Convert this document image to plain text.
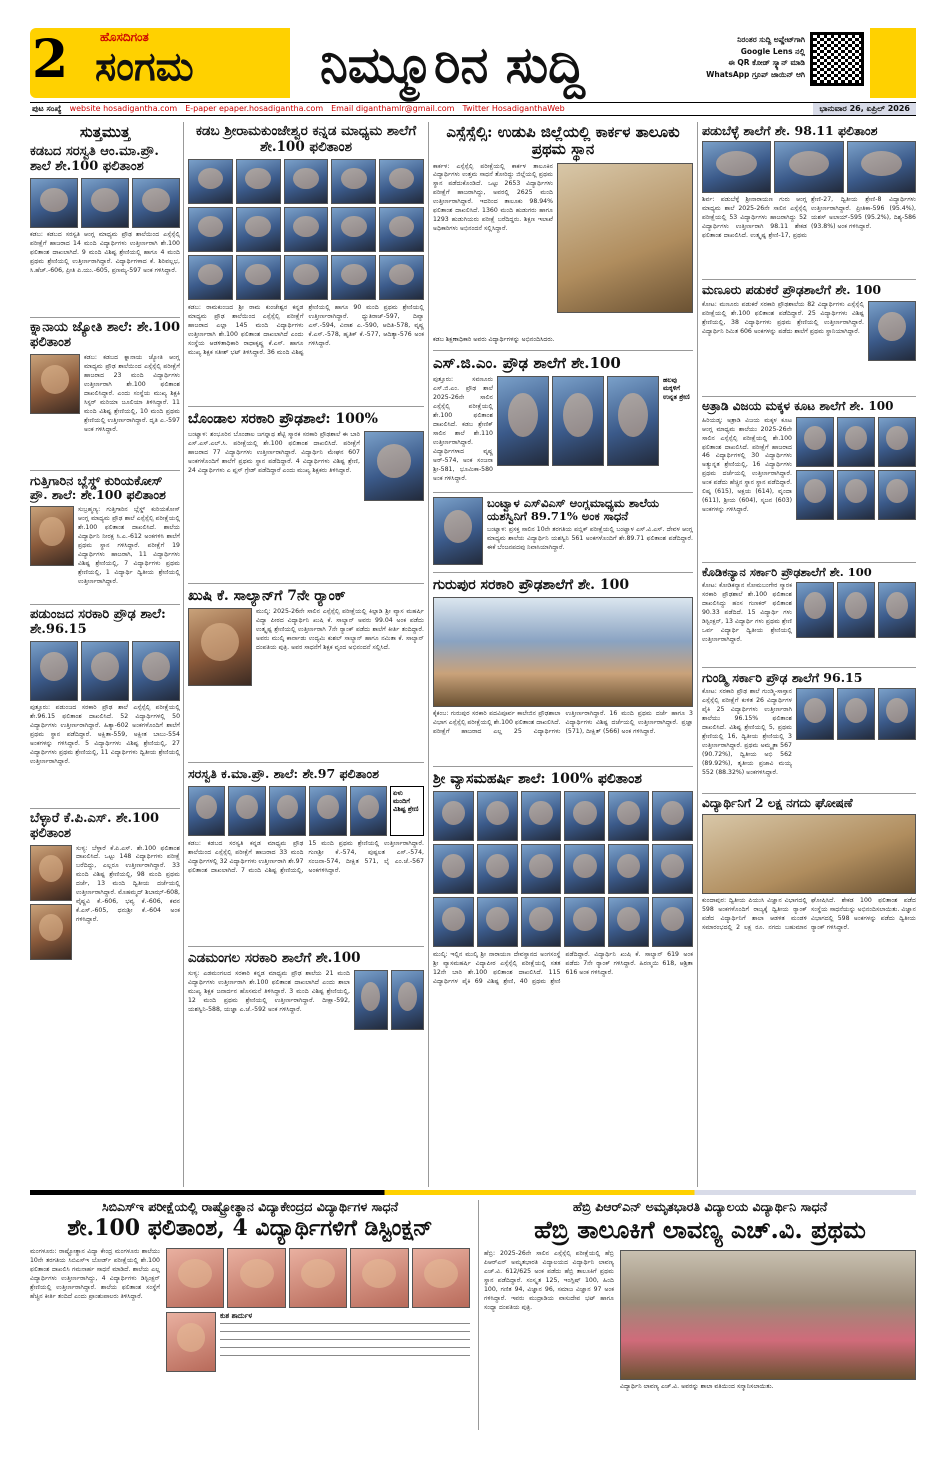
2	ಹೊಸದಿಗಂತ
ಸಂಗಮ	ನಿಮ್ಮೂರಿನ ಸುದ್ದಿ	ನಿರಂತರ ಸುದ್ದಿ ಅಪ್ಡೇಟ್‌ಗಾಗಿ
Google Lens ನಲ್ಲಿ
ಈ QR ಕೋಡ್ ಸ್ಕ್ಯಾನ್ ಮಾಡಿ
WhatsApp ಗ್ರೂಪ್ ಜಾಯಿನ್ ಆಗಿ
ಪುಟ ಸಂಖ್ಯೆ website hosadigantha.com E-paper epaper.hosadigantha.com Email diganthamlr@gmail.com Twitter HosadiganthaWeb	ಭಾನುವಾರ 26, ಏಪ್ರಿಲ್ 2026
ಸುತ್ತಮುತ್ತ
ಕಡಬದ ಸರಸ್ವತಿ ಆಂ.ಮಾ.ಪ್ರೌ. ಶಾಲೆ ಶೇ.100 ಫಲಿತಾಂಶ
ಕಡಬ: ಕಡಬದ ಸರಸ್ವತಿ ಆಂಗ್ಲ ಮಾಧ್ಯಮ ಪ್ರೌಢ ಶಾಲೆಯಿಂದ ಎಸ್ಸೆಸ್ಸೆಲ್ಸಿ ಪರೀಕ್ಷೆಗೆ ಹಾಜರಾದ 14 ಮಂದಿ ವಿದ್ಯಾರ್ಥಿಗಳು ಉತ್ತೀರ್ಣರಾಗಿ ಶೇ.100 ಫಲಿತಾಂಶ ದಾಖಲಾಗಿದೆ. 9 ಮಂದಿ ವಿಶಿಷ್ಟ ಶ್ರೇಣಿಯಲ್ಲಿ ಹಾಗೂ 4 ಮಂದಿ ಪ್ರಥಮ ಶ್ರೇಣಿಯಲ್ಲಿ ಉತ್ತೀರ್ಣರಾಗಿದ್ದಾರೆ. ವಿದ್ಯಾರ್ಥಿಗಳಾದ ಕೆ. ಶಿರಿವಲ್ಲಭ, ಸಿ.ಹೆಚ್.-606, ಪ್ರೀತಿ ಪಿ.ಯು.-605, ಪ್ರಣಮ್ಯ-597 ಅಂಕ ಗಳಿಸಿದ್ದಾರೆ.
ಕ್ನಾನಾಯ ಜ್ಯೋತಿ ಶಾಲೆ: ಶೇ.100 ಫಲಿತಾಂಶ
ಕಡಬ: ಕಡಬದ ಕ್ನಾನಾಯ ಜ್ಯೋತಿ ಆಂಗ್ಲ ಮಾಧ್ಯಮ ಪ್ರೌಢ ಶಾಲೆಯಿಂದ ಎಸ್ಸೆಸ್ಸೆಲ್ಸಿ ಪರೀಕ್ಷೆಗೆ ಹಾಜರಾದ 23 ಮಂದಿ ವಿದ್ಯಾರ್ಥಿಗಳು ಉತ್ತೀರ್ಣರಾಗಿ ಶೇ.100 ಫಲಿತಾಂಶ ದಾಖಲಿಸಿದ್ದಾರೆ. ಎಂದು ಸಂಸ್ಥೆಯ ಮುಖ್ಯ ಶಿಕ್ಷಕಿ ಸಿಸ್ಟರ್ ಮರಿಯಾ ಜೂಲಿಯಾ ತಿಳಿಸಿದ್ದಾರೆ. 11 ಮಂದಿ ವಿಶಿಷ್ಟ ಶ್ರೇಣಿಯಲ್ಲಿ, 10 ಮಂದಿ ಪ್ರಥಮ ಶ್ರೇಣಿಯಲ್ಲಿ ಉತ್ತೀರ್ಣರಾಗಿದ್ದಾರೆ. ದೃತಿ ಎ.-597 ಅಂಕ ಗಳಿಸಿದ್ದಾರೆ.
ಗುತ್ತಿಗಾರಿನ ಬ್ಲೆಸ್ಡ್ ಕುರಿಯಕೋಸ್ ಪ್ರೌ. ಶಾಲೆ: ಶೇ.100 ಫಲಿತಾಂಶ
ಸುಬ್ರಹ್ಮಣ್ಯ: ಗುತ್ತಿಗಾರಿನ ಬ್ಲೆಸ್ಡ್ ಕುರಿಯಕೋಸ್ ಆಂಗ್ಲ ಮಾಧ್ಯಮ ಪ್ರೌಢ ಶಾಲೆ ಎಸ್ಸೆಸ್ಸೆಲ್ಸಿ ಪರೀಕ್ಷೆಯಲ್ಲಿ ಶೇ.100 ಫಲಿತಾಂಶ ದಾಖಲಿಸಿದೆ. ಶಾಲೆಯ ವಿದ್ಯಾರ್ಥಿನಿ ನೀರಕ್ಷ ಸಿ.ಎ.-612 ಅಂಕಗಳಿಸಿ ಶಾಲೆಗೆ ಪ್ರಥಮ ಸ್ಥಾನ ಗಳಿಸಿದ್ದಾರೆ. ಪರೀಕ್ಷೆಗೆ 19 ವಿದ್ಯಾರ್ಥಿಗಳು ಹಾಜರಾಗಿ, 11 ವಿದ್ಯಾರ್ಥಿಗಳು ವಿಶಿಷ್ಟ ಶ್ರೇಣಿಯಲ್ಲಿ, 7 ವಿದ್ಯಾರ್ಥಿಗಳು ಪ್ರಥಮ ಶ್ರೇಣಿಯಲ್ಲಿ, 1 ವಿದ್ಯಾರ್ಥಿ ದ್ವಿತೀಯ ಶ್ರೇಣಿಯಲ್ಲಿ ಉತ್ತೀರ್ಣರಾಗಿದ್ದಾರೆ.
ಪಡುಂಜದ ಸರಕಾರಿ ಪ್ರೌಢ ಶಾಲೆ: ಶೇ.96.15
ಪುತ್ತೂರು: ಪಡುಂಜದ ಸರಕಾರಿ ಪ್ರೌಢ ಶಾಲೆ ಎಸ್ಸೆಸ್ಸೆಲ್ಸಿ ಪರೀಕ್ಷೆಯಲ್ಲಿ ಶೇ.96.15 ಫಲಿತಾಂಶ ದಾಖಲಿಸಿದೆ. 52 ವಿದ್ಯಾರ್ಥಿಗಳಲ್ಲಿ 50 ವಿದ್ಯಾರ್ಥಿಗಳು ಉತ್ತೀರ್ಣರಾಗಿದ್ದಾರೆ. ಹಿತ್ಯಾ-602 ಅಂಕಗಳೊಂದಿಗೆ ಶಾಲೆಗೆ ಪ್ರಥಮ ಸ್ಥಾನ ಪಡೆದಿದ್ದಾರೆ. ಅಕ್ಷಿತಾ-559, ಅಕ್ಷೀತ ಬಾಬು-554 ಅಂಕಗಳನ್ನು ಗಳಿಸಿದ್ದಾರೆ. 5 ವಿದ್ಯಾರ್ಥಿಗಳು ವಿಶಿಷ್ಟ ಶ್ರೇಣಿಯಲ್ಲಿ, 27 ವಿದ್ಯಾರ್ಥಿಗಳು ಪ್ರಥಮ ಶ್ರೇಣಿಯಲ್ಲಿ, 11 ವಿದ್ಯಾರ್ಥಿಗಳು ದ್ವಿತೀಯ ಶ್ರೇಣಿಯಲ್ಲಿ ಉತ್ತೀರ್ಣರಾಗಿದ್ದಾರೆ.
ಬೆಳ್ಳಾರೆ ಕೆ.ಪಿ.ಎಸ್. ಶೇ.100 ಫಲಿತಾಂಶ
ಸುಳ್ಯ: ಬೆಳ್ಳಾರೆ ಕೆ.ಪಿ.ಎಸ್. ಶೇ.100 ಫಲಿತಾಂಶ ದಾಖಲಿಸಿದೆ. ಒಟ್ಟು 148 ವಿದ್ಯಾರ್ಥಿಗಳು ಪರೀಕ್ಷೆ ಬರೆದಿದ್ದು, ಎಲ್ಲರೂ ಉತ್ತೀರ್ಣರಾಗಿದ್ದಾರೆ. 33 ಮಂದಿ ವಿಶಿಷ್ಟ ಶ್ರೇಣಿಯಲ್ಲಿ, 98 ಮಂದಿ ಪ್ರಥಮ ದರ್ಜೆ, 13 ಮಂದಿ ದ್ವಿತೀಯ ದರ್ಜೆಯಲ್ಲಿ ಉತ್ತೀರ್ಣರಾಗಿದ್ದಾರೆ. ಮೊಹಮ್ಮದ್ ಶಿಬಾಝ್-608, ವೈಷ್ಣವಿ ಕೆ.-606, ಭವ್ಯ ಕೆ.-606, ಕವನ ಕೆ.ಎಸ್.-605, ಧನುಶ್ರೀ ಕೆ.-604 ಅಂಕ ಗಳಿಸಿದ್ದಾರೆ.
ಕಡಬ ಶ್ರೀರಾಮಕುಂಜೇಶ್ವರ ಕನ್ನಡ ಮಾಧ್ಯಮ ಶಾಲೆಗೆ ಶೇ.100 ಫಲಿತಾಂಶ
ಕಡಬ: ರಾಮಕುಂಜದ ಶ್ರೀ ರಾಮ ಕುಂಜೇಶ್ವರ ಕನ್ನಡ ಮಾಧ್ಯಮ ಪ್ರೌಢ ಶಾಲೆಯಿಂದ ಎಸ್ಸೆಸ್ಸೆಲ್ಸಿ ಪರೀಕ್ಷೆಗೆ ಹಾಜರಾದ ಎಲ್ಲಾ 145 ಮಂದಿ ವಿದ್ಯಾರ್ಥಿಗಳು ಉತ್ತೀರ್ಣರಾಗಿ ಶೇ.100 ಫಲಿತಾಂಶ ದಾಖಲಾಗಿದೆ ಎಂದು ಸಂಸ್ಥೆಯ ಆಡಳಿತಾಧಿಕಾರಿ ರಾಧಾಕೃಷ್ಣ ಕೆ.ಎಸ್. ಹಾಗೂ ಮುಖ್ಯ ಶಿಕ್ಷಕ ಸತೀಶ್ ಭಟ್ ತಿಳಿಸಿದ್ದಾರೆ. 36 ಮಂದಿ ವಿಶಿಷ್ಟ ಶ್ರೇಣಿಯಲ್ಲಿ ಹಾಗೂ 90 ಮಂದಿ ಪ್ರಥಮ ಶ್ರೇಣಿಯಲ್ಲಿ ಉತ್ತೀರ್ಣರಾಗಿದ್ದಾರೆ. ಧ್ಯುತಿರಾಜ್-597, ದಿವ್ಯಾ ಎಸ್.-594, ವಿನಾಶ ಎ.-590, ಆದಿತಿ-578, ವೃಷ್ಣ ಕೆ.ಎಸ್.-578, ಹೃತಿಕ್ ಕೆ.-577, ಆದಿತ್ಯಾ-576 ಅಂಕ ಗಳಿಸಿದ್ದಾರೆ.
ಬೊಂಡಾಲ ಸರಕಾರಿ ಪ್ರೌಢಶಾಲೆ: 100%
ಬಂಟ್ವಾಳ: ಶಂಭೂರಿನ ಬೊಂಡಾಲ ಜಗನ್ನಾಥ ಶೆಟ್ಟಿ ಸ್ಮಾರಕ ಸರಕಾರಿ ಪ್ರೌಢಶಾಲೆ ಈ ಬಾರಿ ಎಸ್.ಎಸ್.ಎಲ್.ಸಿ. ಪರೀಕ್ಷೆಯಲ್ಲಿ ಶೇ.100 ಫಲಿತಾಂಶ ದಾಖಲಿಸಿದೆ. ಪರೀಕ್ಷೆಗೆ ಹಾಜರಾದ 77 ವಿದ್ಯಾರ್ಥಿಗಳು ಉತ್ತೀರ್ಣರಾಗಿದ್ದಾರೆ. ವಿದ್ಯಾರ್ಥಿನಿ ಮೇಘನ 607 ಅಂಕಗಳೊಂದಿಗೆ ಶಾಲೆಗೆ ಪ್ರಥಮ ಸ್ಥಾನ ಪಡೆದಿದ್ದಾರೆ. 4 ವಿದ್ಯಾರ್ಥಿಗಳು ವಿಶಿಷ್ಟ ಶ್ರೇಣಿ, 24 ವಿದ್ಯಾರ್ಥಿಗಳು ಎ ಪ್ಲಸ್ ಗ್ರೇಡ್ ಪಡೆದಿದ್ದಾರೆ ಎಂದು ಮುಖ್ಯ ಶಿಕ್ಷಕರು ತಿಳಿಸಿದ್ದಾರೆ.
ಖುಷಿ ಕೆ. ಸಾಲ್ಯಾನ್‌ಗೆ 7ನೇ ರ‍್ಯಾಂಕ್
ಮುಲ್ಕಿ: 2025-26ನೇ ಸಾಲಿನ ಎಸ್ಸೆಸ್ಸೆಲ್ಸಿ ಪರೀಕ್ಷೆಯಲ್ಲಿ ಕಿಲ್ಪಾಡಿ ಶ್ರೀ ವ್ಯಾಸ ಮಹರ್ಷಿ ವಿದ್ಯಾ ಪೀಠದ ವಿದ್ಯಾರ್ಥಿನಿ ಖುಷಿ ಕೆ. ಸಾಲ್ಯಾನ್ ಅವರು 99.04 ಅಂಕ ಪಡೆದು ಉತ್ಕೃಷ್ಟ ಶ್ರೇಣಿಯಲ್ಲಿ ಉತ್ತೀರ್ಣರಾಗಿ 7ನೇ ರ‍್ಯಾಂಕ್ ಪಡೆದು ಶಾಲೆಗೆ ಕೀರ್ತಿ ತಂದಿದ್ದಾರೆ. ಅವರು ಮುಲ್ಕಿ ಕಾರ್ನಾಡು ಉದ್ಯಮಿ ಕುಶಲ್ ಸಾಲ್ಯಾನ್ ಹಾಗೂ ನಮಿತಾ ಕೆ. ಸಾಲ್ಯಾನ್ ದಂಪತಿಯ ಪುತ್ರಿ. ಅವರ ಸಾಧನೆಗೆ ಶಿಕ್ಷಕ ವೃಂದ ಅಭಿನಂದನೆ ಸಲ್ಲಿಸಿದೆ.
ಸರಸ್ವತಿ ಕ.ಮಾ.ಪ್ರೌ. ಶಾಲೆ: ಶೇ.97 ಫಲಿತಾಂಶ
ಏಳು ಮಂದಿಗೆ ವಿಶಿಷ್ಟ ಶ್ರೇಣಿ
ಕಡಬ: ಕಡಬದ ಸರಸ್ವತಿ ಕನ್ನಡ ಮಾಧ್ಯಮ ಪ್ರೌಢ ಶಾಲೆಯಿಂದ ಎಸ್ಸೆಸ್ಸೆಲ್ಸಿ ಪರೀಕ್ಷೆಗೆ ಹಾಜರಾದ 33 ಮಂದಿ ವಿದ್ಯಾರ್ಥಿಗಳಲ್ಲಿ 32 ವಿದ್ಯಾರ್ಥಿಗಳು ಉತ್ತೀರ್ಣರಾಗಿ ಶೇ.97 ಫಲಿತಾಂಶ ದಾಖಲಾಗಿದೆ. 7 ಮಂದಿ ವಿಶಿಷ್ಟ ಶ್ರೇಣಿಯಲ್ಲಿ, 15 ಮಂದಿ ಪ್ರಥಮ ಶ್ರೇಣಿಯಲ್ಲಿ ಉತ್ತೀರ್ಣರಾಗಿದ್ದಾರೆ. ಗುಣಶ್ರೀ ಕೆ.-574, ಪುಷ್ಪಲತ ಎಸ್.-574, ಸಂಜನಾ-574, ದೀಕ್ಷಿತ 571, ಲೈ ಎಂ.ಜೆ.-567 ಅಂಕಗಳಿಸಿದ್ದಾರೆ.
ಎಡಮಂಗಲ ಸರಕಾರಿ ಶಾಲೆಗೆ ಶೇ.100
ಸುಳ್ಯ: ಎಡಮಂಗಲದ ಸರಕಾರಿ ಕನ್ನಡ ಮಾಧ್ಯಮ ಪ್ರೌಢ ಶಾಲೆಯ 21 ಮಂದಿ ವಿದ್ಯಾರ್ಥಿಗಳು ಉತ್ತೀರ್ಣರಾಗಿ ಶೇ.100 ಫಲಿತಾಂಶ ದಾಖಲಾಗಿದೆ ಎಂದು ಶಾಲಾ ಮುಖ್ಯ ಶಿಕ್ಷಕ ಜನಾರ್ದನ ಹೊಸಮನೆ ತಿಳಿಸಿದ್ದಾರೆ. 3 ಮಂದಿ ವಿಶಿಷ್ಟ ಶ್ರೇಣಿಯಲ್ಲಿ, 12 ಮಂದಿ ಪ್ರಥಮ ಶ್ರೇಣಿಯಲ್ಲಿ ಉತ್ತೀರ್ಣರಾಗಿದ್ದಾರೆ. ದೀಕ್ಷಾ-592, ಯಶಸ್ವಿನಿ-588, ಯಜ್ಞಾ ಎ.ಜೆ.-592 ಅಂಕ ಗಳಿಸಿದ್ದಾರೆ.
ಎಸ್ಸೆಸ್ಸೆಲ್ಸಿ: ಉಡುಪಿ ಜಿಲ್ಲೆಯಲ್ಲಿ ಕಾರ್ಕಳ ತಾಲೂಕು ಪ್ರಥಮ ಸ್ಥಾನ
ಕಾರ್ಕಳ: ಎಸ್ಸೆಸ್ಸೆಲ್ಸಿ ಪರೀಕ್ಷೆಯಲ್ಲಿ ಕಾರ್ಕಳ ತಾಲೂಕಿನ ವಿದ್ಯಾರ್ಥಿಗಳು ಉತ್ತಮ ಸಾಧನೆ ತೋರಿದ್ದು ಜಿಲ್ಲೆಯಲ್ಲಿ ಪ್ರಥಮ ಸ್ಥಾನ ಪಡೆದುಕೊಂಡಿದೆ. ಒಟ್ಟು 2653 ವಿದ್ಯಾರ್ಥಿಗಳು ಪರೀಕ್ಷೆಗೆ ಹಾಜರಾಗಿದ್ದು, ಅವರಲ್ಲಿ 2625 ಮಂದಿ ಉತ್ತೀರ್ಣರಾಗಿದ್ದಾರೆ. ಇದರಿಂದ ತಾಲೂಕು 98.94% ಫಲಿತಾಂಶ ದಾಖಲಿಸಿದೆ. 1360 ಮಂದಿ ಹುಡುಗರು ಹಾಗೂ 1293 ಹುಡುಗಿಯರು ಪರೀಕ್ಷೆ ಬರೆದಿದ್ದರು. ಶಿಕ್ಷಣ ಇಲಾಖೆ ಅಧಿಕಾರಿಗಳು ಅಭಿನಂದನೆ ಸಲ್ಲಿಸಿದ್ದಾರೆ.
ಕಡಬ ಶಿಕ್ಷಣಾಧಿಕಾರಿ ಅವರು ವಿದ್ಯಾರ್ಥಿಗಳನ್ನು ಅಭಿನಂದಿಸಿದರು.
ಎಸ್.ಜಿ.ಎಂ. ಪ್ರೌಢ ಶಾಲೆಗೆ ಶೇ.100
ಪುತ್ತೂರು: ಸವಣೂರು ಎಸ್.ಜಿ.ಎಂ. ಪ್ರೌಢ ಶಾಲೆ 2025-26ನೇ ಸಾಲಿನ ಎಸ್ಸೆಸ್ಸೆಲ್ಸಿ ಪರೀಕ್ಷೆಯಲ್ಲಿ ಶೇ.100 ಫಲಿತಾಂಶ ದಾಖಲಿಸಿದೆ. ಕಡಬ ಶ್ರೇಣಿಕ್ ಸಾಲಿನ ಶಾಲೆ ಶೇ.110 ಉತ್ತೀರ್ಣರಾಗಿದ್ದಾರೆ. ವಿದ್ಯಾರ್ಥಿಗಳಾದ ವೃಷ್ಣ ಅರ್-574, ಅಂಕ ಸಂಜನಾ ಶ್ರೀ-581, ಭೂಮಿಕಾ-580 ಅಂಕ ಗಳಿಸಿದ್ದಾರೆ.
ಹಲವು ಮಕ್ಕಳಿಗೆ ಉನ್ನತ ಶ್ರೇಣಿ
ಬಂಟ್ವಾಳ ಎಸ್‌ವಿಎಸ್ ಆಂಗ್ಲಮಾಧ್ಯಮ ಶಾಲೆಯ ಯಶಸ್ವಿನಿಗೆ 89.71% ಅಂಕ ಸಾಧನೆ
ಬಂಟ್ವಾಳ: ಪ್ರಸಕ್ತ ಸಾಲಿನ 10ನೇ ತರಗತಿಯ ಪಬ್ಲಿಕ್ ಪರೀಕ್ಷೆಯಲ್ಲಿ ಬಂಟ್ವಾಳ ಎಸ್.ವಿ.ಎಸ್. ದೇವಳ ಆಂಗ್ಲ ಮಾಧ್ಯಮ ಶಾಲೆಯ ವಿದ್ಯಾರ್ಥಿನಿ ಯಶಸ್ವಿನಿ 561 ಅಂಕಗಳೊಂದಿಗೆ ಶೇ.89.71 ಫಲಿತಾಂಶ ಪಡೆದಿದ್ದಾರೆ. ಈಕೆ ಬೆಂಜನಪದವು ನಿವಾಸಿಯಾಗಿದ್ದಾರೆ.
ಗುರುಪುರ ಸರಕಾರಿ ಪ್ರೌಢಶಾಲೆಗೆ ಶೇ. 100
ಕೈಕಂಬ: ಗುರುಪುರ ಸರಕಾರಿ ಪದವಿಪೂರ್ವ ಕಾಲೇಜಿನ ಪ್ರೌಢಶಾಲಾ ವಿಭಾಗ ಎಸ್ಸೆಸ್ಸೆಲ್ಸಿ ಪರೀಕ್ಷೆಯಲ್ಲಿ ಶೇ.100 ಫಲಿತಾಂಶ ದಾಖಲಿಸಿದೆ. ಪರೀಕ್ಷೆಗೆ ಹಾಜರಾದ ಎಲ್ಲ 25 ವಿದ್ಯಾರ್ಥಿಗಳು ಉತ್ತೀರ್ಣರಾಗಿದ್ದಾರೆ. 16 ಮಂದಿ ಪ್ರಥಮ ದರ್ಜೆ ಹಾಗೂ 3 ವಿದ್ಯಾರ್ಥಿಗಳು ವಿಶಿಷ್ಟ ದರ್ಜೆಯಲ್ಲಿ ಉತ್ತೀರ್ಣರಾಗಿದ್ದಾರೆ. ಪ್ರಜ್ಞಾ (571), ದೀಕ್ಷಿತ್ (566) ಅಂಕ ಗಳಿಸಿದ್ದಾರೆ.
ಶ್ರೀ ವ್ಯಾಸಮಹರ್ಷಿ ಶಾಲೆ: 100% ಫಲಿತಾಂಶ
ಮುಲ್ಕಿ: ಇಲ್ಲಿನ ಮುಲ್ಕಿ ಶ್ರೀ ನಾರಾಯಣ ದೇವಸ್ಥಾನದ ಅಂಗಸಂಸ್ಥೆ ಶ್ರೀ ವ್ಯಾಸಮಹರ್ಷಿ ವಿದ್ಯಾಪೀಠ ಎಸ್ಸೆಸ್ಸೆಲ್ಸಿ ಪರೀಕ್ಷೆಯಲ್ಲಿ ಸತತ 12ನೇ ಬಾರಿ ಶೇ.100 ಫಲಿತಾಂಶ ದಾಖಲಿಸಿದೆ. 115 ವಿದ್ಯಾರ್ಥಿಗಳ ಪೈಕಿ 69 ವಿಶಿಷ್ಟ ಶ್ರೇಣಿ, 40 ಪ್ರಥಮ ಶ್ರೇಣಿ ಪಡೆದಿದ್ದಾರೆ. ವಿದ್ಯಾರ್ಥಿನಿ ಖುಷಿ ಕೆ. ಸಾಲ್ಯಾನ್ 619 ಅಂಕ ಪಡೆದು 7ನೇ ರ‍್ಯಾಂಕ್ ಗಳಿಸಿದ್ದಾರೆ. ಹಿರಣ್ಮಯಿ 618, ಆಶ್ರಿತಾ 616 ಅಂಕ ಗಳಿಸಿದ್ದಾರೆ.
ಪಡುಬೆಳ್ಳೆ ಶಾಲೆಗೆ ಶೇ. 98.11 ಫಲಿತಾಂಶ
ಶಿರ್ವ: ಪಡುಬೆಳ್ಳೆ ಶ್ರೀನಾರಾಯಣ ಗುರು ಆಂಗ್ಲ ಮಾಧ್ಯಮ ಶಾಲೆ 2025-26ನೇ ಸಾಲಿನ ಎಸ್ಸೆಸ್ಸೆಲ್ಸಿ ಪರೀಕ್ಷೆಯಲ್ಲಿ 53 ವಿದ್ಯಾರ್ಥಿಗಳು ಹಾಜರಾಗಿದ್ದು 52 ವಿದ್ಯಾರ್ಥಿಗಳು ಉತ್ತೀರ್ಣರಾಗಿ 98.11 ಶೇಕಡ ಫಲಿತಾಂಶ ದಾಖಲಿಸಿದೆ. ಉತ್ಕೃಷ್ಟ ಶ್ರೇಣಿ-17, ಪ್ರಥಮ ಶ್ರೇಣಿ-27, ದ್ವಿತೀಯ ಶ್ರೇಣಿ-8 ವಿದ್ಯಾರ್ಥಿಗಳು ಉತ್ತೀರ್ಣರಾಗಿದ್ದಾರೆ. ಪ್ರೀತಿಕಾ-596 (95.4%), ಯಶಸ್ ಅಲಾಯ್-595 (95.2%), ದಿಶ್ಯ-586 (93.8%) ಅಂಕ ಗಳಿಸಿದ್ದಾರೆ.
ಮಣೂರು ಪಡುಕರೆ ಪ್ರೌಢಶಾಲೆಗೆ ಶೇ. 100
ಕೋಟ: ಮಣೂರು ಪಡುಕರೆ ಸರಕಾರಿ ಪ್ರೌಢಶಾಲೆಯ 82 ವಿದ್ಯಾರ್ಥಿಗಳು ಎಸ್ಸೆಸ್ಸೆಲ್ಸಿ ಪರೀಕ್ಷೆಯಲ್ಲಿ ಶೇ.100 ಫಲಿತಾಂಶ ಪಡೆದಿದ್ದಾರೆ. 25 ವಿದ್ಯಾರ್ಥಿಗಳು ವಿಶಿಷ್ಟ ಶ್ರೇಣಿಯಲ್ಲಿ, 38 ವಿದ್ಯಾರ್ಥಿಗಳು ಪ್ರಥಮ ಶ್ರೇಣಿಯಲ್ಲಿ ಉತ್ತೀರ್ಣರಾಗಿದ್ದಾರೆ. ವಿದ್ಯಾರ್ಥಿನಿ ರಿಮಿತ 606 ಅಂಕಗಳನ್ನು ಪಡೆದು ಶಾಲೆಗೆ ಪ್ರಥಮ ಸ್ಥಾನಿಯಾಗಿದ್ದಾರೆ.
ಅತ್ರಾಡಿ ವಿಜಯ ಮಕ್ಕಳ ಕೂಟ ಶಾಲೆಗೆ ಶೇ. 100
ಹಿರಿಯಡ್ಕ: ಅತ್ರಾಡಿ ವಿಜಯ ಮಕ್ಕಳ ಕೂಟ ಆಂಗ್ಲ ಮಾಧ್ಯಮ ಶಾಲೆಯು 2025-26ನೇ ಸಾಲಿನ ಎಸ್ಸೆಸ್ಸೆಲ್ಸಿ ಪರೀಕ್ಷೆಯಲ್ಲಿ ಶೇ.100 ಫಲಿತಾಂಶ ದಾಖಲಿಸಿದೆ. ಪರೀಕ್ಷೆಗೆ ಹಾಜರಾದ 46 ವಿದ್ಯಾರ್ಥಿಗಳಲ್ಲಿ 30 ವಿದ್ಯಾರ್ಥಿಗಳು ಅತ್ಯುನ್ನತ ಶ್ರೇಣಿಯಲ್ಲಿ, 16 ವಿದ್ಯಾರ್ಥಿಗಳು ಪ್ರಥಮ ದರ್ಜೆಯಲ್ಲಿ ಉತ್ತೀರ್ಣರಾಗಿದ್ದಾರೆ. ಅಂಕ ಪಡೆದು ಹೆಚ್ಚಿನ ಸ್ಥಾನ ಸ್ಥಾನ ಪಡೆದಿದ್ದಾರೆ. ಲಿಷ್ಕ (615), ಅಕ್ಷಯ (614), ವೃಂದಾ (611), ಶ್ರೀಯ (604), ಸೃಜನ (603) ಅಂಕಗಳನ್ನು ಗಳಿಸಿದ್ದಾರೆ.
ಕೊಡಿಕನ್ಯಾನ ಸರ್ಕಾರಿ ಪ್ರೌಢಶಾಲೆಗೆ ಶೇ. 100
ಕೋಟ: ಕೋಡಿಕನ್ಯಾನ ಸೋಮಬಂಗೇರ ಸ್ಮಾರಕ ಸರಕಾರಿ ಪ್ರೌಢಶಾಲೆ ಶೇ.100 ಫಲಿತಾಂಶ ದಾಖಲಿಸಿದ್ದು ಹಂಸ ಗುಣಕರ್ ಫಲಿತಾಂಶ 90.33 ಪಡೆದಿದೆ. 15 ವಿದ್ಯಾರ್ಥಿ ಗಳು ಡಿಸ್ಟಿಂಕ್ಷನ್, 13 ವಿದ್ಯಾರ್ಥಿ ಗಳು ಪ್ರಥಮ ಶ್ರೇಣಿ ಒರ್ವ ವಿದ್ಯಾರ್ಥಿ ದ್ವಿತೀಯ ಶ್ರೇಣಿಯಲ್ಲಿ ಉತ್ತೀರ್ಣರಾಗಿದ್ದಾರೆ.
ಗುಂಡ್ಮಿ ಸರ್ಕಾರಿ ಪ್ರೌಢ ಶಾಲೆಗೆ 96.15
ಕೋಟ: ಸರಕಾರಿ ಪ್ರೌಢ ಶಾಲೆ ಗುಂಡ್ಮಿ-ಸಾಸ್ತಾನ ಎಸ್ಸೆಸ್ಸೆಲ್ಸಿ ಪರೀಕ್ಷೆಗೆ ಕುಳಿತ 26 ವಿದ್ಯಾರ್ಥಿಗಳ ಪೈಕಿ 25 ವಿದ್ಯಾರ್ಥಿಗಳು ಉತ್ತೀರ್ಣರಾಗಿ ಶಾಲೆಯು 96.15% ಫಲಿತಾಂಶ ದಾಖಲಿಸಿದೆ. ವಿಶಿಷ್ಟ ಶ್ರೇಣಿಯಲ್ಲಿ 5, ಪ್ರಥಮ ಶ್ರೇಣಿಯಲ್ಲಿ 16, ದ್ವಿತೀಯ ಶ್ರೇಣಿಯಲ್ಲಿ 3 ಉತ್ತೀರ್ಣರಾಗಿದ್ದಾರೆ. ಪ್ರಥಮ ಅಮ್ಮೃತಾ 567 (90.72%), ದ್ವಿತೀಯ ಅಭಿ 562 (89.92%), ತೃತೀಯ ಪ್ರಜಾವಿ ಮಯ್ಯ 552 (88.32%) ಅಂಕಗಳಿಸಿದ್ದಾರೆ.
ವಿದ್ಯಾರ್ಥಿನಿಗೆ 2 ಲಕ್ಷ ನಗದು ಘೋಷಣೆ
ಕುಂದಾಪುರ: ದ್ವಿತೀಯ ಪಿಯುಸಿ ವಿಜ್ಞಾನ ವಿಭಾಗದಲ್ಲಿ 598 ಅಂಕಗಳೊಂದಿಗೆ ರಾಜ್ಯಕ್ಕೆ ದ್ವಿತೀಯ ರ‍್ಯಾಂಕ್ ಪಡೆದ ವಿದ್ಯಾರ್ಥಿನಿಗೆ ಶಾಲಾ ಆಡಳಿತ ಮಂಡಳಿ ಸಮಾರಂಭದಲ್ಲಿ 2 ಲಕ್ಷ ರೂ. ನಗದು ಬಹುಮಾನ ಘೋಷಿಸಿದೆ. ಶೇಕಡ 100 ಫಲಿತಾಂಶ ಪಡೆದ ಸಂಸ್ಥೆಯ ಸಾಧನೆಯನ್ನು ಅಭಿನಂದಿಸಲಾಯಿತು. ವಿಜ್ಞಾನ ವಿಭಾಗದಲ್ಲಿ 598 ಅಂಕಗಳನ್ನು ಪಡೆದು ದ್ವಿತೀಯ ರ‍್ಯಾಂಕ್ ಗಳಿಸಿದ್ದಾರೆ.
ಸಿಬಿಎಸ್‌ಇ ಪರೀಕ್ಷೆಯಲ್ಲಿ ರಾಷ್ಟ್ರೋತ್ಥಾನ ವಿದ್ಯಾಕೇಂದ್ರದ ವಿದ್ಯಾರ್ಥಿಗಳ ಸಾಧನೆ
ಶೇ.100 ಫಲಿತಾಂಶ, 4 ವಿದ್ಯಾರ್ಥಿಗಳಿಗೆ ಡಿಸ್ಟಿಂಕ್ಷನ್
ಮಂಗಳೂರು: ರಾಷ್ಟ್ರೋತ್ಥಾನ ವಿದ್ಯಾ ಕೇಂದ್ರ ಮಂಗಳೂರು ಶಾಲೆಯು 10ನೇ ತರಗತಿಯ ಸಿಬಿಎಸ್‌ಇ ಬೋರ್ಡ್ ಪರೀಕ್ಷೆಯಲ್ಲಿ ಶೇ.100 ಫಲಿತಾಂಶ ದಾಖಲಿಸಿ ಗಮನಾರ್ಹ ಸಾಧನೆ ಮಾಡಿದೆ. ಶಾಲೆಯ ಎಲ್ಲ ವಿದ್ಯಾರ್ಥಿಗಳು ಉತ್ತೀರ್ಣರಾಗಿದ್ದು, 4 ವಿದ್ಯಾರ್ಥಿಗಳು ಡಿಸ್ಟಿಂಕ್ಷನ್ ಶ್ರೇಣಿಯಲ್ಲಿ ಉತ್ತೀರ್ಣರಾಗಿದ್ದಾರೆ. ಶಾಲೆಯ ಫಲಿತಾಂಶ ಸಂಸ್ಥೆಗೆ ಹೆಚ್ಚಿನ ಕೀರ್ತಿ ತಂದಿದೆ ಎಂದು ಪ್ರಾಂಶುಪಾಲರು ತಿಳಿಸಿದ್ದಾರೆ.
ಕುಶ ಶಾರ್ದುಳ
ಹೆಬ್ರಿ ಪಿಆರ್‌ಎನ್ ಅಮೃತಭಾರತಿ ವಿದ್ಯಾಲಯ ವಿದ್ಯಾರ್ಥಿನಿ ಸಾಧನೆ
ಹೆಬ್ರಿ ತಾಲೂಕಿಗೆ ಲಾವಣ್ಯ ಎಚ್.ವಿ. ಪ್ರಥಮ
ಹೆಬ್ರಿ: 2025-26ನೇ ಸಾಲಿನ ಎಸ್ಸೆಸ್ಸೆಲ್ಸಿ ಪರೀಕ್ಷೆಯಲ್ಲಿ ಹೆಬ್ರಿ ಪಿಆರ್‌ಎನ್ ಅಮೃತಭಾರತಿ ವಿದ್ಯಾಲಯದ ವಿದ್ಯಾರ್ಥಿನಿ ಲಾವಣ್ಯ ಎಚ್.ವಿ. 612/625 ಅಂಕ ಪಡೆದು ಹೆಬ್ರಿ ತಾಲೂಕಿಗೆ ಪ್ರಥಮ ಸ್ಥಾನ ಪಡೆದಿದ್ದಾರೆ. ಸಂಸ್ಕೃತ 125, ಇಂಗ್ಲಿಷ್ 100, ಹಿಂದಿ 100, ಗಣಿತ 94, ವಿಜ್ಞಾನ 96, ಸಮಾಜ ವಿಜ್ಞಾನ 97 ಅಂಕ ಗಳಿಸಿದ್ದಾರೆ. ಇವರು ಮುದ್ರಾಡಿಯ ವಾಸುದೇವ ಭಟ್ ಹಾಗೂ ಸಂಧ್ಯಾ ದಂಪತಿಯ ಪುತ್ರಿ.
ವಿದ್ಯಾರ್ಥಿನಿ ಲಾವಣ್ಯ ಎಚ್.ವಿ. ಅವರನ್ನು ಶಾಲಾ ವತಿಯಿಂದ ಸನ್ಮಾನಿಸಲಾಯಿತು.
